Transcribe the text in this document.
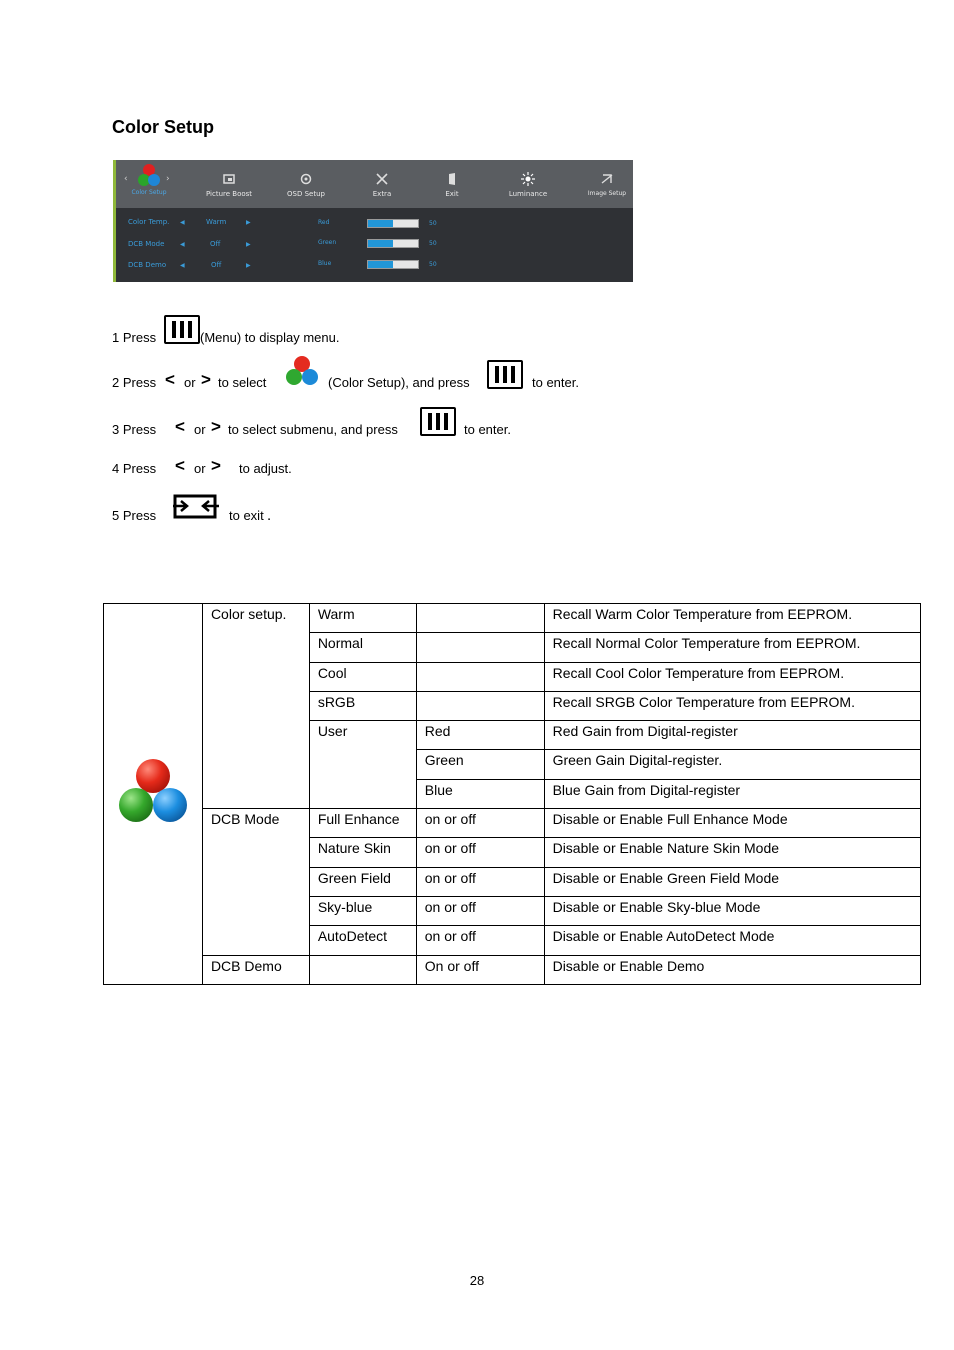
Color Setup
‹	›
Color Setup	Picture Boost	OSD Setup	Extra	Exit	Luminance	Image Setup
Color Temp. ◀	Warm	▶
DCB Mode	◀	Off	▶
DCB Demo ◀	Off	▶
Red	50
Green	50
Blue	50
1 Press	(Menu) to display menu.
2 Press < or > to select	(Color Setup), and press	to enter.
3 Press < or > to select submenu, and press	to enter.
4 Press < or > to adjust.
5 Press	to exit .
	Color setup.	Warm		Recall Warm Color Temperature from EEPROM.
		Normal		Recall Normal Color Temperature from EEPROM.
		Cool		Recall Cool Color Temperature from EEPROM.
		sRGB		Recall SRGB Color Temperature from EEPROM.
		User	Red	Red Gain from Digital-register
			Green	Green Gain Digital-register.
			Blue	Blue Gain from Digital-register
	DCB Mode	Full Enhance	on or off	Disable or Enable Full Enhance Mode
		Nature Skin	on or off	Disable or Enable Nature Skin Mode
		Green Field	on or off	Disable or Enable Green Field Mode
		Sky-blue	on or off	Disable or Enable Sky-blue Mode
		AutoDetect	on or off	Disable or Enable AutoDetect Mode
	DCB Demo		On or off	Disable or Enable Demo
28
